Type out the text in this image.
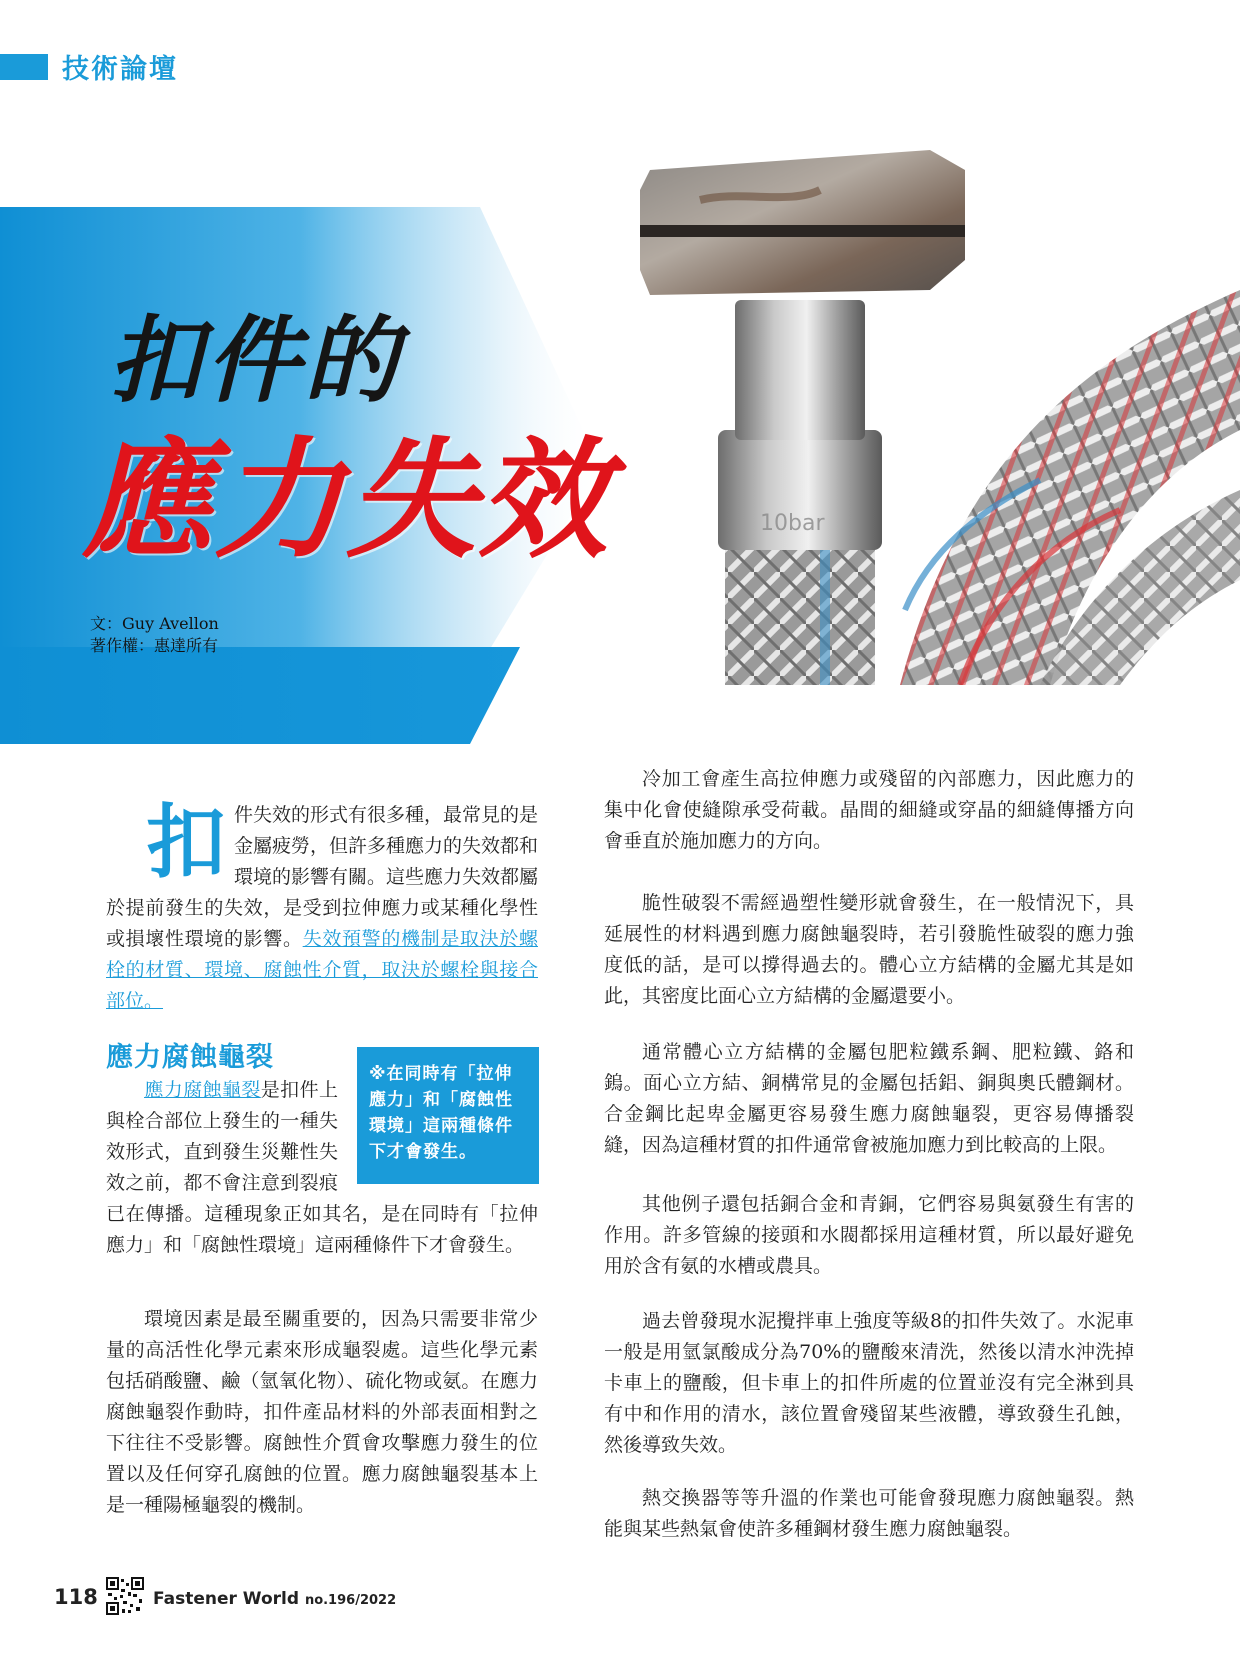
技術論壇
10bar
扣件的
應力失效
文：Guy Avellon
著作權：惠達所有

扣件失效的形式有很多種，最常見的是金屬疲勞，但許多種應力的失效都和環境的影響有關。這些應力失效都屬於提前發生的失效，是受到拉伸應力或某種化學性或損壞性環境的影響。失效預警的機制是取決於螺栓的材質、環境、腐蝕性介質，取決於螺栓與接合部位。

應力腐蝕龜裂
※在同時有「拉伸應力」和「腐蝕性環境」這兩種條件下才會發生。

應力腐蝕龜裂是扣件上與栓合部位上發生的一種失效形式，直到發生災難性失效之前，都不會注意到裂痕已在傳播。這種現象正如其名，是在同時有「拉伸應力」和「腐蝕性環境」這兩種條件下才會發生。

環境因素是最至關重要的，因為只需要非常少量的高活性化學元素來形成龜裂處。這些化學元素包括硝酸鹽、鹼（氫氧化物）、硫化物或氨。在應力腐蝕龜裂作動時，扣件產品材料的外部表面相對之下往往不受影響。腐蝕性介質會攻擊應力發生的位置以及任何穿孔腐蝕的位置。應力腐蝕龜裂基本上是一種陽極龜裂的機制。
冷加工會產生高拉伸應力或殘留的內部應力，因此應力的集中化會使縫隙承受荷載。晶間的細縫或穿晶的細縫傳播方向會垂直於施加應力的方向。
脆性破裂不需經過塑性變形就會發生，在一般情況下，具延展性的材料遇到應力腐蝕龜裂時，若引發脆性破裂的應力強度低的話，是可以撐得過去的。體心立方結構的金屬尤其是如此，其密度比面心立方結構的金屬還要小。
通常體心立方結構的金屬包肥粒鐵系鋼、肥粒鐵、鉻和鎢。面心立方結、銅構常見的金屬包括鋁、銅與奧氏體鋼材。合金鋼比起卑金屬更容易發生應力腐蝕龜裂，更容易傳播裂縫，因為這種材質的扣件通常會被施加應力到比較高的上限。
其他例子還包括銅合金和青銅，它們容易與氨發生有害的作用。許多管線的接頭和水閥都採用這種材質，所以最好避免用於含有氨的水槽或農具。
過去曾發現水泥攪拌車上強度等級8的扣件失效了。水泥車一般是用氫氯酸成分為70%的鹽酸來清洗，然後以清水沖洗掉卡車上的鹽酸，但卡車上的扣件所處的位置並沒有完全淋到具有中和作用的清水，該位置會殘留某些液體，導致發生孔蝕，然後導致失效。
熱交換器等等升溫的作業也可能會發現應力腐蝕龜裂。熱能與某些熱氣會使許多種鋼材發生應力腐蝕龜裂。
118	Fastener World no.196/2022
